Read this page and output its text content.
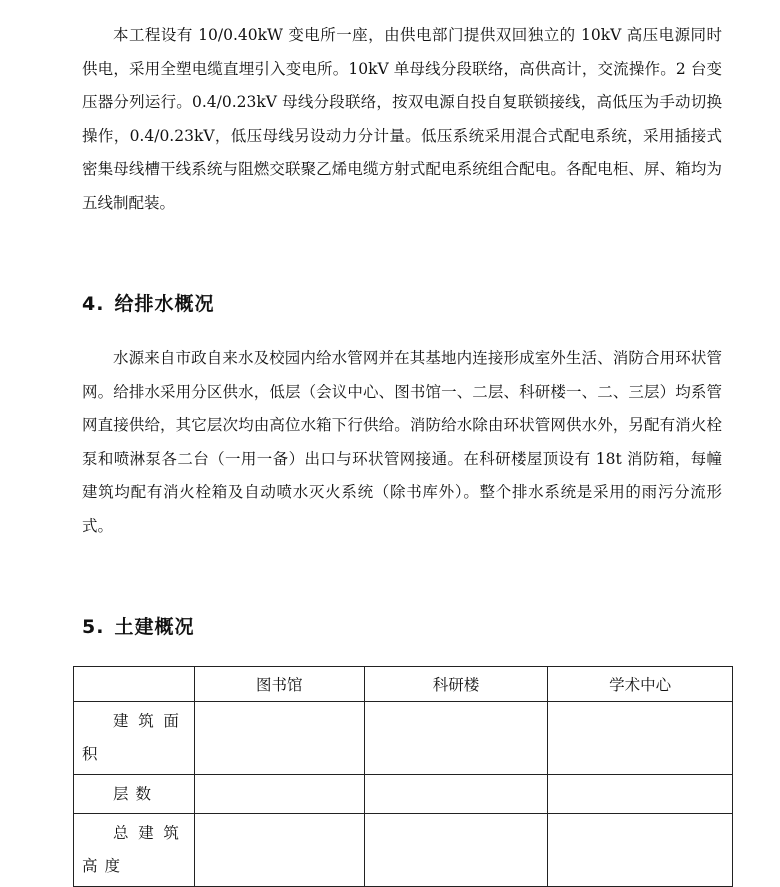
本工程设有 10/0.40kW 变电所一座，由供电部门提供双回独立的 10kV 高压电源同时供电，采用全塑电缆直埋引入变电所。10kV 单母线分段联络，高供高计，交流操作。2 台变压器分列运行。0.4/0.23kV 母线分段联络，按双电源自投自复联锁接线，高低压为手动切换操作，0.4/0.23kV，低压母线另设动力分计量。低压系统采用混合式配电系统，采用插接式密集母线槽干线系统与阻燃交联聚乙烯电缆方射式配电系统组合配电。各配电柜、屏、箱均为五线制配装。

4. 给排水概况

水源来自市政自来水及校园内给水管网并在其基地内连接形成室外生活、消防合用环状管网。给排水采用分区供水，低层（会议中心、图书馆一、二层、科研楼一、二、三层）均系管网直接供给，其它层次均由高位水箱下行供给。消防给水除由环状管网供水外，另配有消火栓泵和喷淋泵各二台（一用一备）出口与环状管网接通。在科研楼屋顶设有 18t 消防箱，每幢建筑均配有消火栓箱及自动喷水灭火系统（除书库外）。整个排水系统是采用的雨污分流形式。

5. 土建概况
	图书馆	科研楼	学术中心

建筑面积			

层数			

总建筑高度			
